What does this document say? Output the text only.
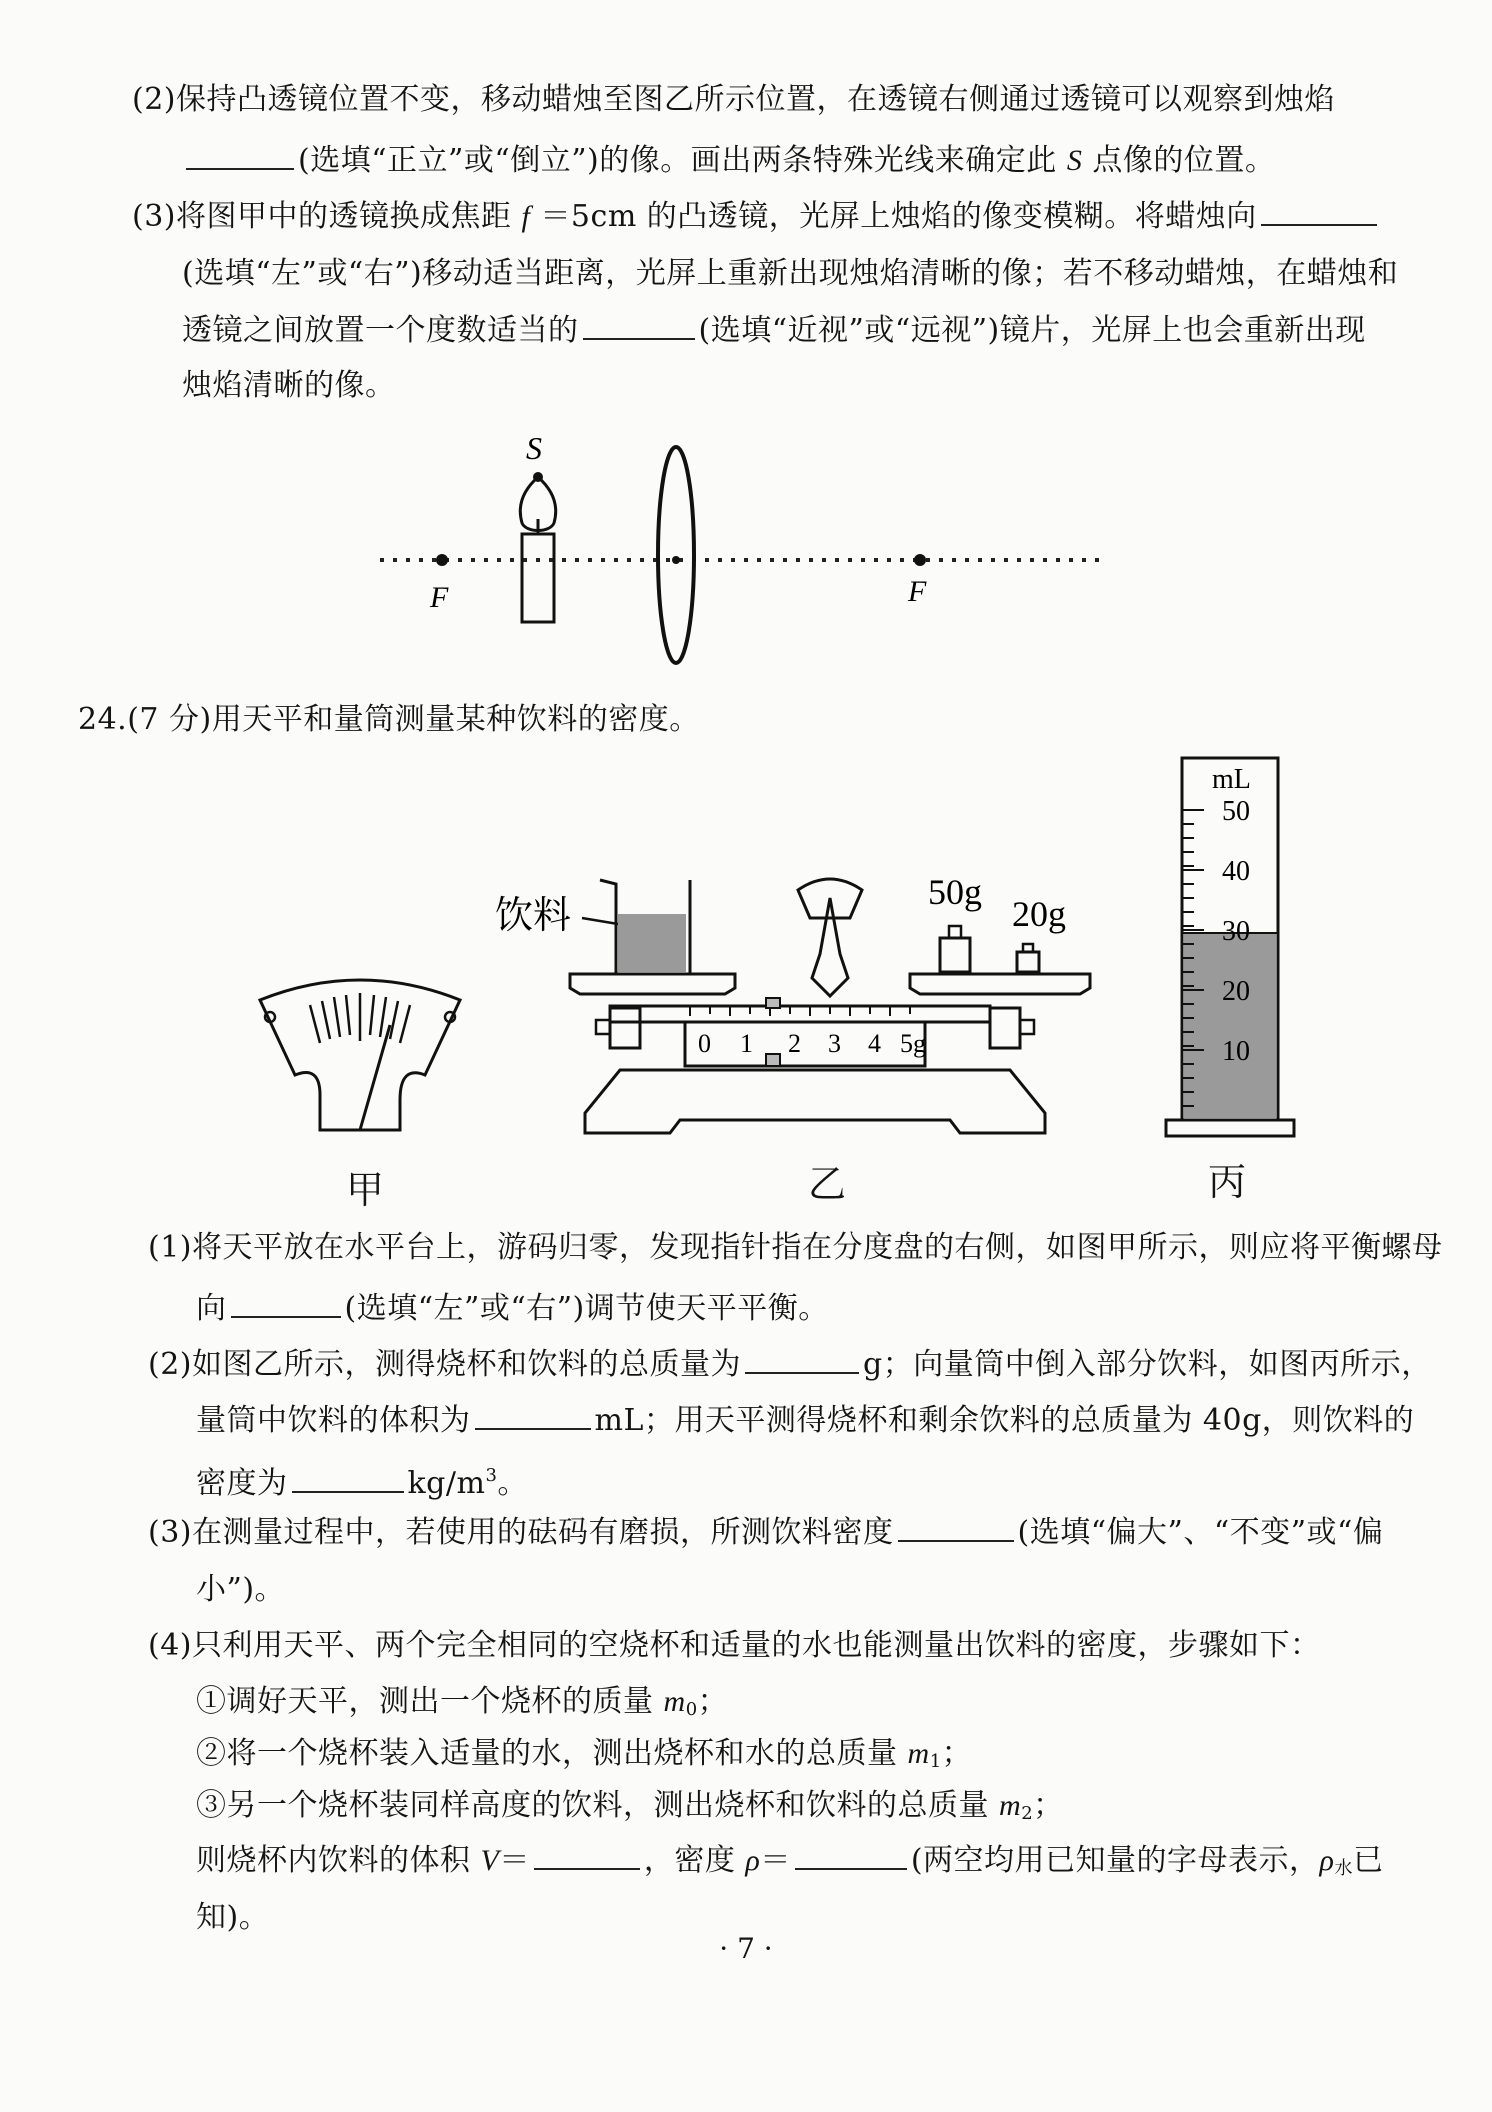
(2)保持凸透镜位置不变，移动蜡烛至图乙所示位置，在透镜右侧通过透镜可以观察到烛焰
(选填“正立”或“倒立”)的像。画出两条特殊光线来确定此 S 点像的位置。
(3)将图甲中的透镜换成焦距 f ＝5cm 的凸透镜，光屏上烛焰的像变模糊。将蜡烛向
(选填“左”或“右”)移动适当距离，光屏上重新出现烛焰清晰的像；若不移动蜡烛，在蜡烛和
透镜之间放置一个度数适当的	(选填“近视”或“远视”)镜片，光屏上也会重新出现
烛焰清晰的像。
F	F
S
24.(7 分)用天平和量筒测量某种饮料的密度。
甲
饮料
50g
20g
0 1 2 3 4 5g
乙
mL
50
40
30
20
10
丙
(1)将天平放在水平台上，游码归零，发现指针指在分度盘的右侧，如图甲所示，则应将平衡螺母
向	(选填“左”或“右”)调节使天平平衡。
(2)如图乙所示，测得烧杯和饮料的总质量为	g；向量筒中倒入部分饮料，如图丙所示，
量筒中饮料的体积为	mL；用天平测得烧杯和剩余饮料的总质量为 40g，则饮料的
密度为	$kg/m^3$。
(3)在测量过程中，若使用的砝码有磨损，所测饮料密度	(选填“偏大”、“不变”或“偏
小”)。
(4)只利用天平、两个完全相同的空烧杯和适量的水也能测量出饮料的密度，步骤如下：
①调好天平，测出一个烧杯的质量 $m_0$；
②将一个烧杯装入适量的水，测出烧杯和水的总质量 $m_1$；
③另一个烧杯装同样高度的饮料，测出烧杯和饮料的总质量 $m_2$；
则烧杯内饮料的体积 V＝	，密度 ρ＝	(两空均用已知量的字母表示，$\rho_水$已
知)。
· 7 ·
